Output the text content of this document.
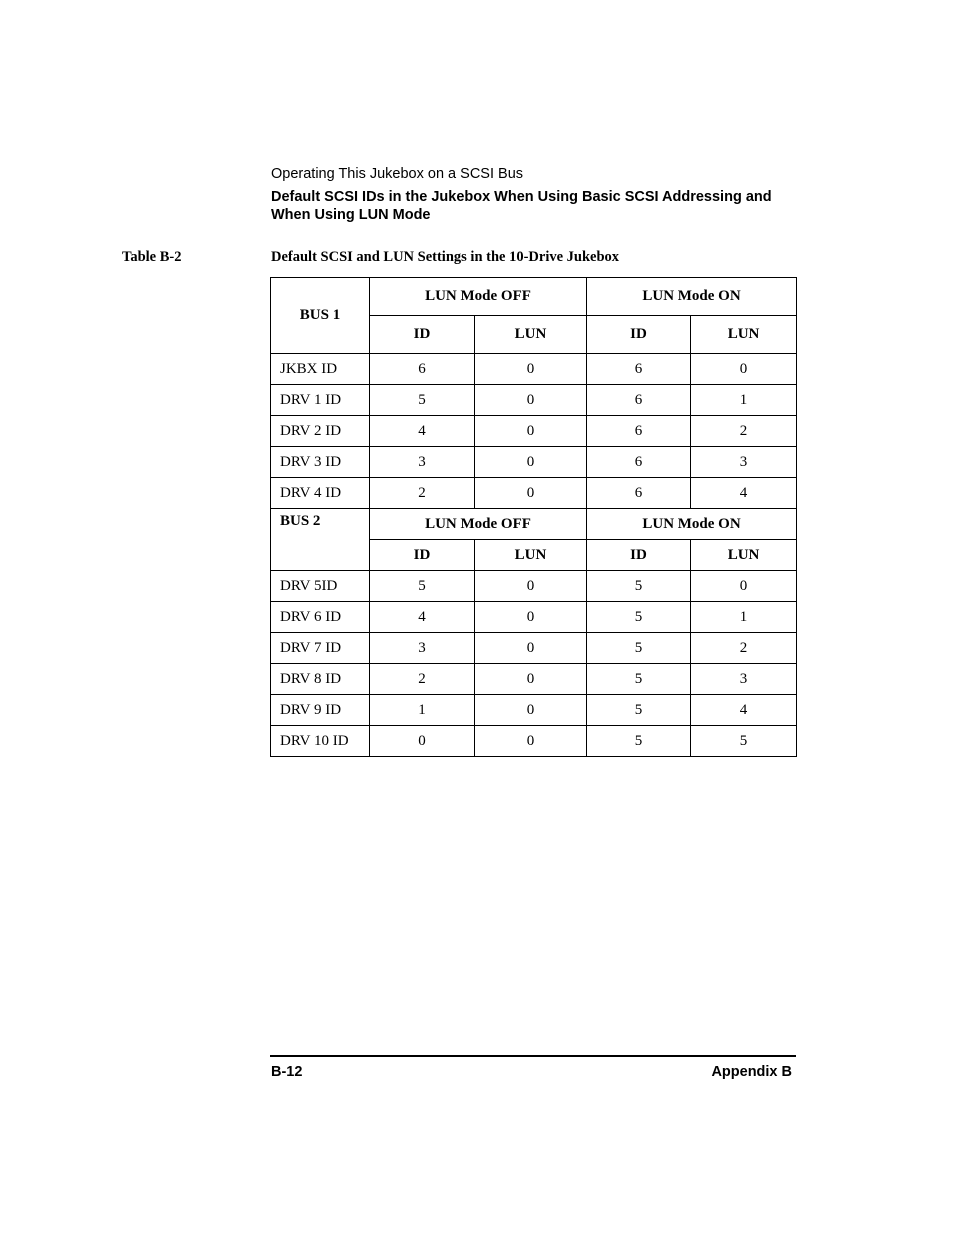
Operating This Jukebox on a SCSI Bus
Default SCSI IDs in the Jukebox When Using Basic SCSI Addressing and When Using LUN Mode
Table B-2	Default SCSI and LUN Settings in the 10-Drive Jukebox
BUS 1	LUN Mode OFF		LUN Mode ON	
	ID	LUN	ID	LUN
JKBX ID	6	0	6	0
DRV 1 ID	5	0	6	1
DRV 2 ID	4	0	6	2
DRV 3 ID	3	0	6	3
DRV 4 ID	2	0	6	4
BUS 2	LUN Mode OFF		LUN Mode ON	
	ID	LUN	ID	LUN
DRV 5ID	5	0	5	0
DRV 6 ID	4	0	5	1
DRV 7 ID	3	0	5	2
DRV 8 ID	2	0	5	3
DRV 9 ID	1	0	5	4
DRV 10 ID	0	0	5	5
B-12	Appendix B
